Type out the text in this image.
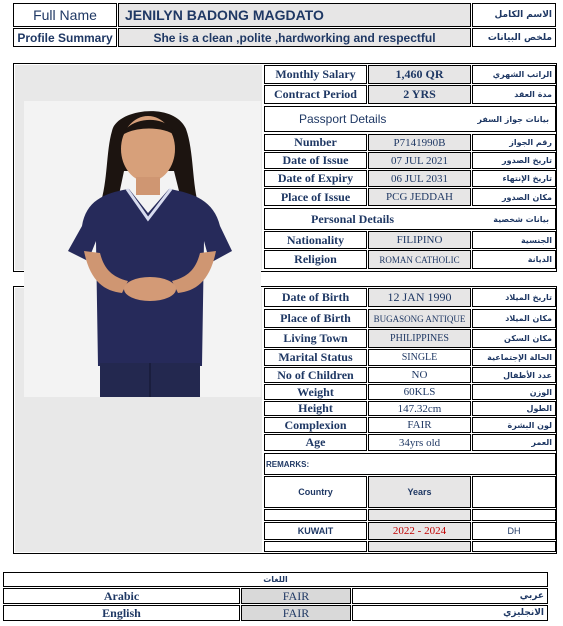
Full Name	JENILYN BADONG MAGDATO	الاسم الكامل
Profile Summary	She is a clean ,polite ,hardworking and respectful	ملخص البيانات
Monthly Salary	1,460 QR	الراتب الشهري
Contract Period	2 YRS	مدة العقد
Passport Details	بيانات جواز السفر
Number	P7141990B	رقم الجواز
Date of Issue	07 JUL 2021	تاريخ الصدور
Date of Expiry	06 JUL 2031	تاريخ الإنتهاء
Place of Issue	PCG JEDDAH	مكان الصدور
Personal Details	بيانات شخصية
Nationality	FILIPINO	الجنسية
Religion	ROMAN CATHOLIC	الديانة
Date of Birth	12 JAN 1990	تاريخ الميلاد
Place of Birth	BUGASONG ANTIQUE	مكان الميلاد
Living Town	PHILIPPINES	مكان السكن
Marital Status	SINGLE	الحالة الإجتماعية
No of Children	NO	عدد الأطفال
Weight	60KLS	الوزن
Height	147.32cm	الطول
Complexion	FAIR	لون البشرة
Age	34yrs old	العمر
REMARKS:
Country	Years
KUWAIT	2022 - 2024	DH
اللغات
Arabic	FAIR	عربي
English	FAIR	الانجليزي
